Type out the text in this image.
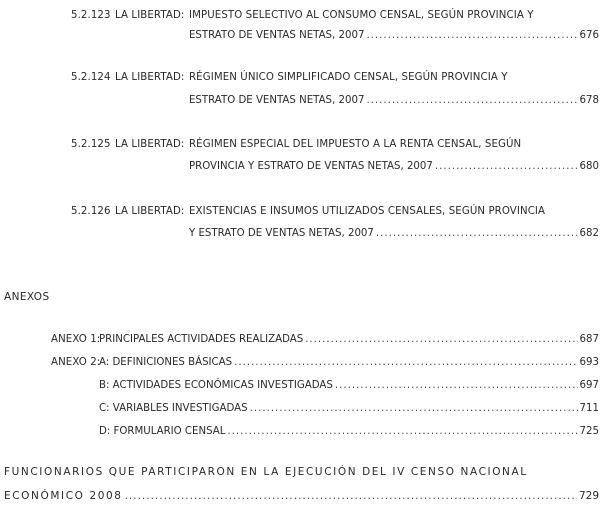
5.2.123 LA LIBERTAD: IMPUESTO SELECTIVO AL CONSUMO CENSAL, SEGÚN PROVINCIA Y
ESTRATO DE VENTAS NETAS, 2007 .....	676
5.2.124 LA LIBERTAD: RÉGIMEN ÚNICO SIMPLIFICADO CENSAL, SEGÚN PROVINCIA Y
ESTRATO DE VENTAS NETAS, 2007 .....	678
5.2.125 LA LIBERTAD: RÉGIMEN ESPECIAL DEL IMPUESTO A LA RENTA CENSAL, SEGÚN
PROVINCIA Y ESTRATO DE VENTAS NETAS, 2007 .....	680
5.2.126 LA LIBERTAD: EXISTENCIAS E INSUMOS UTILIZADOS CENSALES, SEGÚN PROVINCIA
Y ESTRATO DE VENTAS NETAS, 2007 .....	682
ANEXOS
ANEXO 1:
PRINCIPALES ACTIVIDADES REALIZADAS .....	687
ANEXO 2:
A: DEFINICIONES BÁSICAS .....	693
B: ACTIVIDADES ECONÓMICAS INVESTIGADAS .....	697
C: VARIABLES INVESTIGADAS .....	711
D: FORMULARIO CENSAL .....	725
FUNCIONARIOS QUE PARTICIPARON EN LA EJECUCIÓN DEL IV CENSO NACIONAL
ECONÓMICO 2008 .....	729
